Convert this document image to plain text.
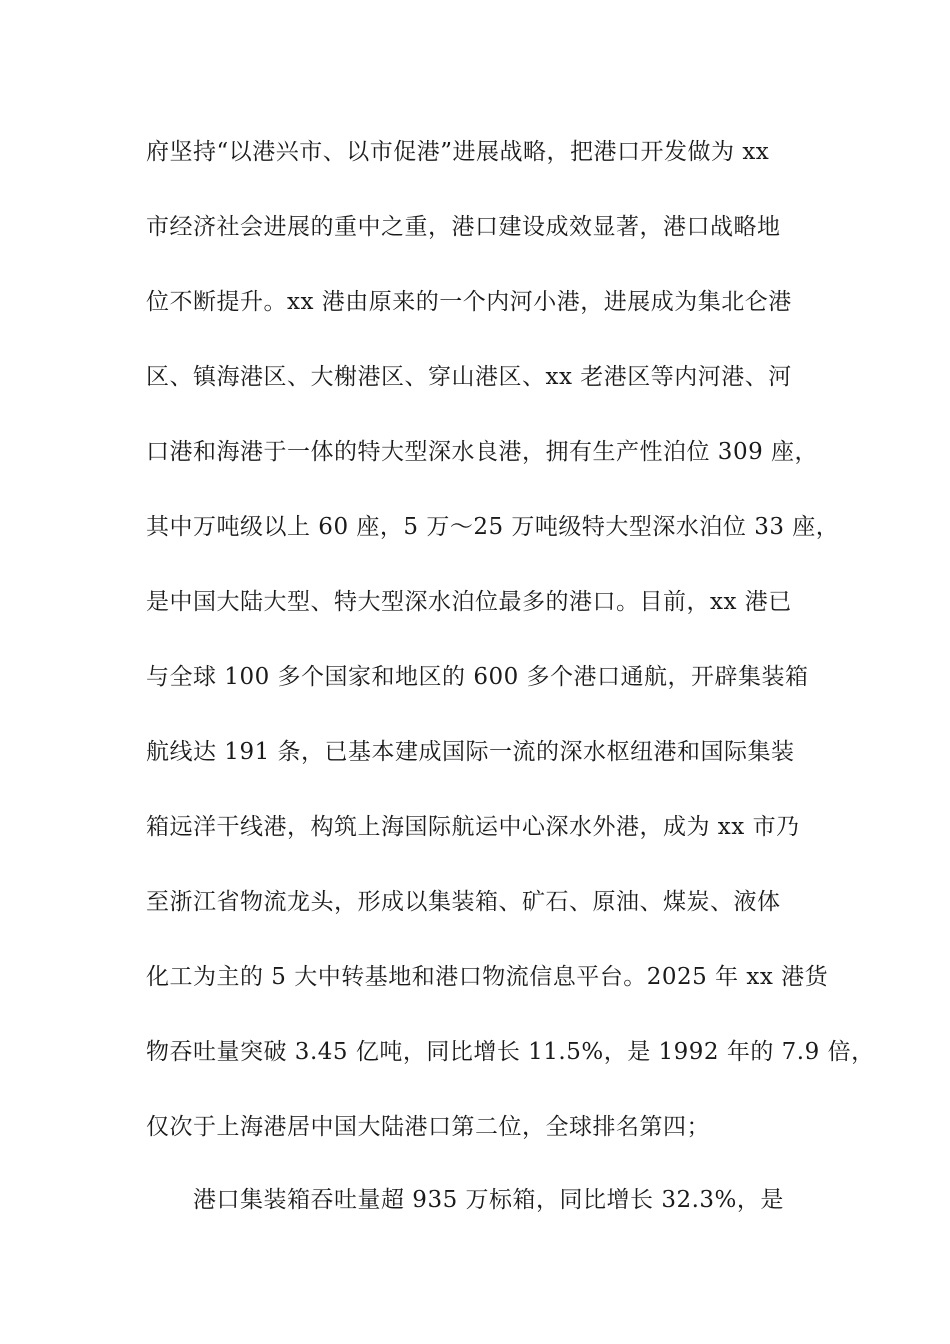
府坚持“以港兴市、以市促港”进展战略，把港口开发做为 xx
市经济社会进展的重中之重，港口建设成效显著，港口战略地
位不断提升。xx 港由原来的一个内河小港，进展成为集北仑港
区、镇海港区、大榭港区、穿山港区、xx 老港区等内河港、河
口港和海港于一体的特大型深水良港，拥有生产性泊位 309 座，
其中万吨级以上 60 座，5 万～25 万吨级特大型深水泊位 33 座，
是中国大陆大型、特大型深水泊位最多的港口。目前，xx 港已
与全球 100 多个国家和地区的 600 多个港口通航，开辟集装箱
航线达 191 条，已基本建成国际一流的深水枢纽港和国际集装
箱远洋干线港，构筑上海国际航运中心深水外港，成为 xx 市乃
至浙江省物流龙头，形成以集装箱、矿石、原油、煤炭、液体
化工为主的 5 大中转基地和港口物流信息平台。2025 年 xx 港货
物吞吐量突破 3.45 亿吨，同比增长 11.5%，是 1992 年的 7.9 倍，
仅次于上海港居中国大陆港口第二位，全球排名第四；
港口集装箱吞吐量超 935 万标箱，同比增长 32.3%，是
